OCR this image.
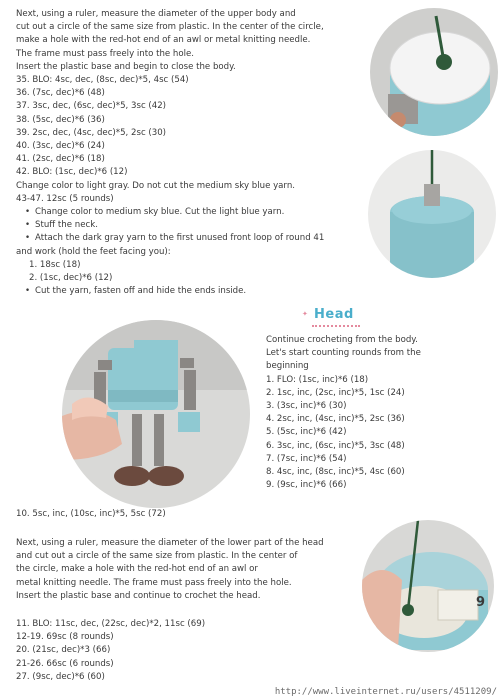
Next, using a ruler, measure the diameter of the upper body and
cut out a circle of the same size from plastic. In the center of the circle,
make a hole with the red-hot end of an awl or metal knitting needle.
The frame must pass freely into the hole.
Insert the plastic base and begin to close the body.
35. BLO: 4sc, dec, (8sc, dec)*5, 4sc (54)
36. (7sc, dec)*6 (48)
37. 3sc, dec, (6sc, dec)*5, 3sc (42)
38. (5sc, dec)*6 (36)
39. 2sc, dec, (4sc, dec)*5, 2sc (30)
40. (3sc, dec)*6 (24)
41. (2sc, dec)*6 (18)
42. BLO: (1sc, dec)*6 (12)
Change color to light gray. Do not cut the medium sky blue yarn.
43-47. 12sc (5 rounds)
• Change color to medium sky blue. Cut the light blue yarn.
• Stuff the neck.
• Attach the dark gray yarn to the first unused front loop of round 41
and work (hold the feet facing you):
1. 18sc (18)
2. (1sc, dec)*6 (12)
• Cut the yarn, fasten off and hide the ends inside.
✦ Head
Continue crocheting from the body.
Let's start counting rounds from the
beginning
1. FLO: (1sc, inc)*6 (18)
2. 1sc, inc, (2sc, inc)*5, 1sc (24)
3. (3sc, inc)*6 (30)
4. 2sc, inc, (4sc, inc)*5, 2sc (36)
5. (5sc, inc)*6 (42)
6. 3sc, inc, (6sc, inc)*5, 3sc (48)
7. (7sc, inc)*6 (54)
8. 4sc, inc, (8sc, inc)*5, 4sc (60)
9. (9sc, inc)*6 (66)
10. 5sc, inc, (10sc, inc)*5, 5sc (72)
Next, using a ruler, measure the diameter of the lower part of the head
and cut out a circle of the same size from plastic. In the center of
the circle, make a hole with the red-hot end of an awl or
metal knitting needle. The frame must pass freely into the hole.
Insert the plastic base and continue to crochet the head.
11. BLO: 11sc, dec, (22sc, dec)*2, 11sc (69)
12-19. 69sc (8 rounds)
20. (21sc, dec)*3 (66)
21-26. 66sc (6 rounds)
27. (9sc, dec)*6 (60)
9
http://www.liveinternet.ru/users/4511209/
